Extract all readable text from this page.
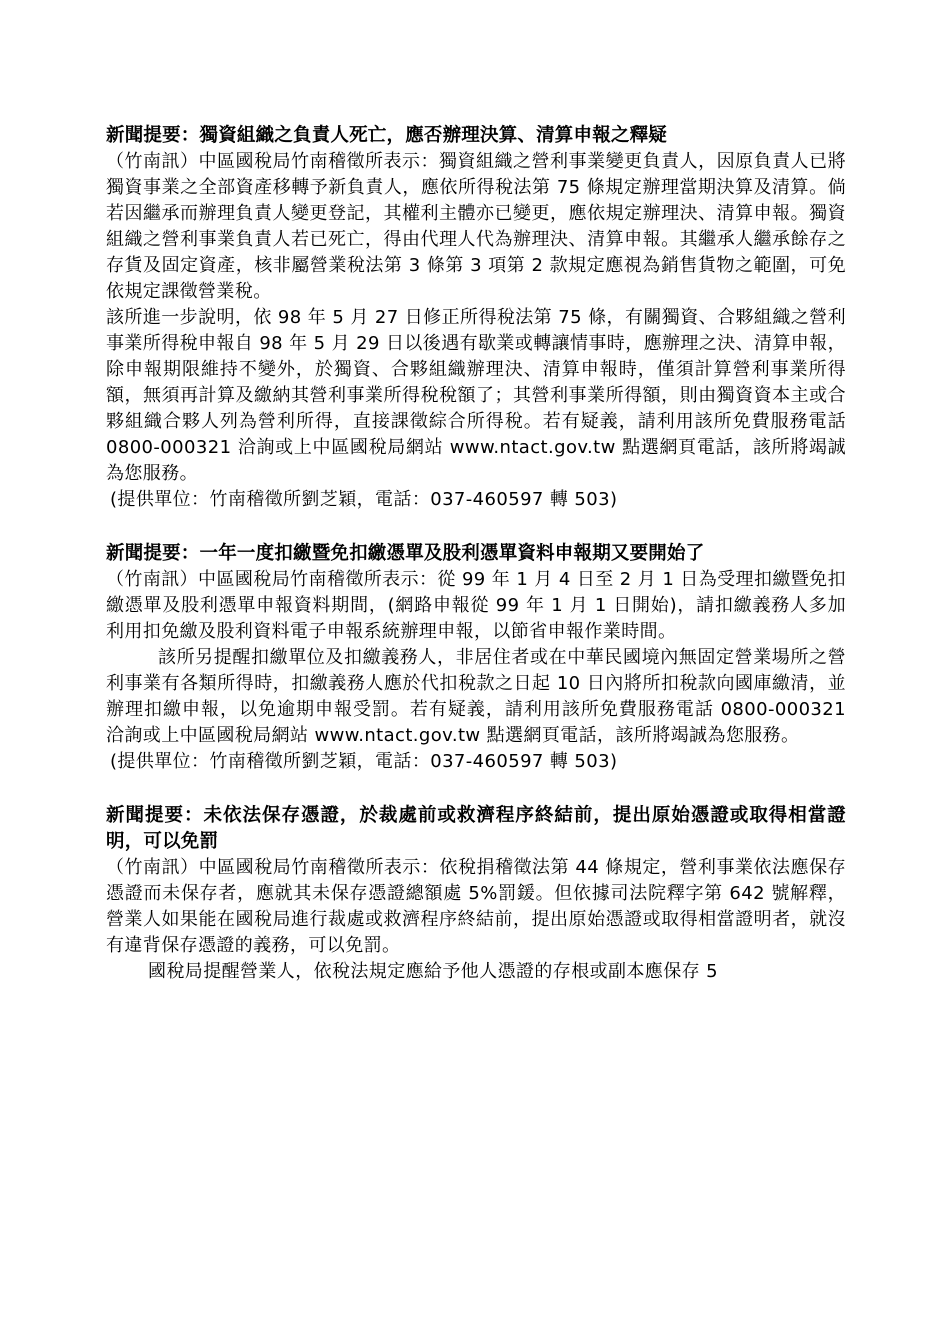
新聞提要：獨資組織之負責人死亡，應否辦理決算、清算申報之釋疑

（竹南訊）中區國稅局竹南稽徵所表示：獨資組織之營利事業變更負責人，因原負責人已將獨資事業之全部資產移轉予新負責人，應依所得稅法第 75 條規定辦理當期決算及清算。倘若因繼承而辦理負責人變更登記，其權利主體亦已變更，應依規定辦理決、清算申報。獨資組織之營利事業負責人若已死亡，得由代理人代為辦理決、清算申報。其繼承人繼承餘存之存貨及固定資產，核非屬營業稅法第 3 條第 3 項第 2 款規定應視為銷售貨物之範圍，可免依規定課徵營業稅。

該所進一步說明，依 98 年 5 月 27 日修正所得稅法第 75 條，有關獨資、合夥組織之營利事業所得稅申報自 98 年 5 月 29 日以後遇有歇業或轉讓情事時，應辦理之決、清算申報，除申報期限維持不變外，於獨資、合夥組織辦理決、清算申報時，僅須計算營利事業所得額，無須再計算及繳納其營利事業所得稅稅額了；其營利事業所得額，則由獨資資本主或合夥組織合夥人列為營利所得，直接課徵綜合所得稅。若有疑義，請利用該所免費服務電話 0800-000321 洽詢或上中區國稅局網站 www.ntact.gov.tw 點選網頁電話，該所將竭誠為您服務。

(提供單位：竹南稽徵所劉芝穎，電話：037-460597 轉 503)

新聞提要：一年一度扣繳暨免扣繳憑單及股利憑單資料申報期又要開始了

（竹南訊）中區國稅局竹南稽徵所表示：從 99 年 1 月 4 日至 2 月 1 日為受理扣繳暨免扣繳憑單及股利憑單申報資料期間，(網路申報從 99 年 1 月 1 日開始)，請扣繳義務人多加利用扣免繳及股利資料電子申報系統辦理申報，以節省申報作業時間。

該所另提醒扣繳單位及扣繳義務人，非居住者或在中華民國境內無固定營業場所之營利事業有各類所得時，扣繳義務人應於代扣稅款之日起 10 日內將所扣稅款向國庫繳清，並辦理扣繳申報，以免逾期申報受罰。若有疑義，請利用該所免費服務電話 0800-000321 洽詢或上中區國稅局網站 www.ntact.gov.tw 點選網頁電話，該所將竭誠為您服務。

(提供單位：竹南稽徵所劉芝穎，電話：037-460597 轉 503)

新聞提要：未依法保存憑證，於裁處前或救濟程序終結前，提出原始憑證或取得相當證明，可以免罰

（竹南訊）中區國稅局竹南稽徵所表示：依稅捐稽徵法第 44 條規定，營利事業依法應保存憑證而未保存者，應就其未保存憑證總額處 5%罰鍰。但依據司法院釋字第 642 號解釋，營業人如果能在國稅局進行裁處或救濟程序終結前，提出原始憑證或取得相當證明者，就沒有違背保存憑證的義務，可以免罰。

國稅局提醒營業人，依稅法規定應給予他人憑證的存根或副本應保存 5
